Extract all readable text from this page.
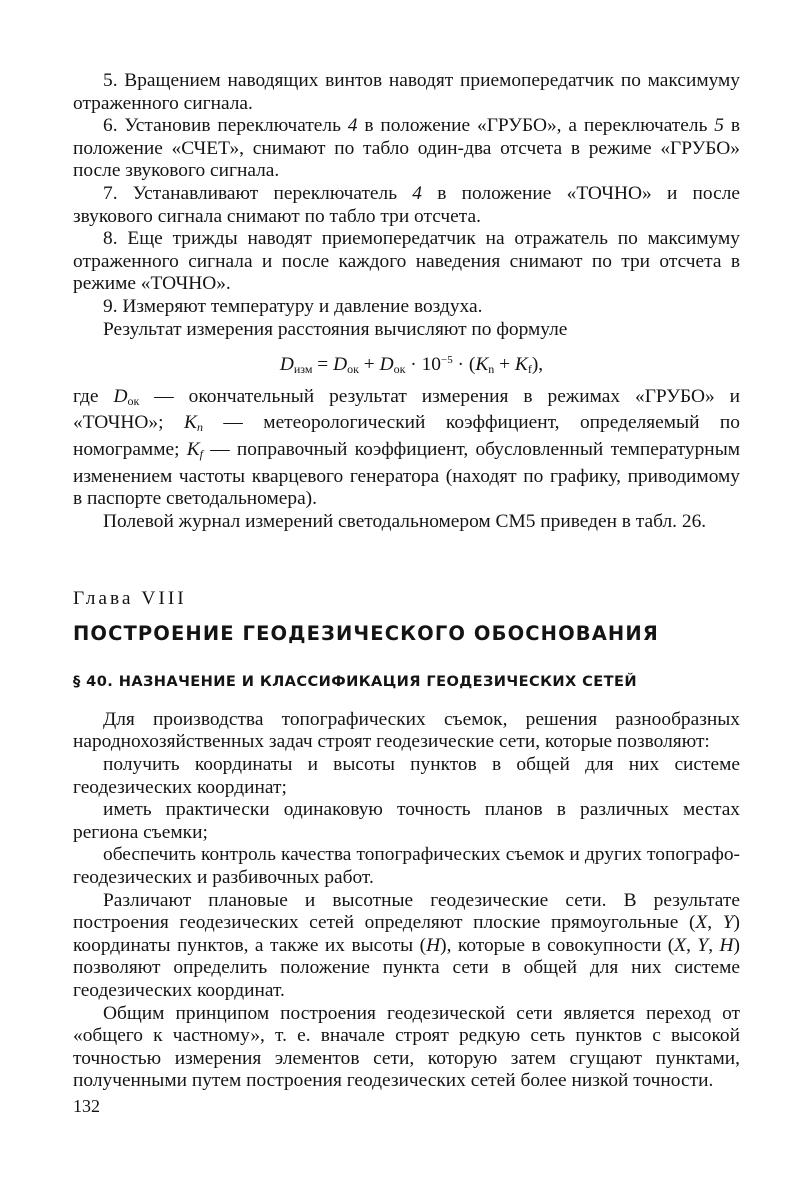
5. Вращением наводящих винтов наводят приемопередатчик по максимуму отраженного сигнала.

6. Установив переключатель 4 в положение «ГРУБО», а переключатель 5 в положение «СЧЕТ», снимают по табло один-два отсчета в режиме «ГРУБО» после звукового сигнала.

7. Устанавливают переключатель 4 в положение «ТОЧНО» и после звукового сигнала снимают по табло три отсчета.

8. Еще трижды наводят приемопередатчик на отражатель по максимуму отраженного сигнала и после каждого наведения снимают по три отсчета в режиме «ТОЧНО».

9. Измеряют температуру и давление воздуха.

Результат измерения расстояния вычисляют по формуле

$D_{изм} = D_{ок} + D_{ок} \cdot 10^{-5} \cdot (K_n + K_f)$,

где $D_{ок}$ — окончательный результат измерения в режимах «ГРУБО» и «ТОЧНО»; $K_n$ — метеорологический коэффициент, определяемый по номограмме; $K_f$ — поправочный коэффициент, обусловленный температурным изменением частоты кварцевого генератора (находят по графику, приводимому в паспорте светодальномера).

Полевой журнал измерений светодальномером СМ5 приведен в табл. 26.

Глава VIII

ПОСТРОЕНИЕ ГЕОДЕЗИЧЕСКОГО ОБОСНОВАНИЯ

§ 40. НАЗНАЧЕНИЕ И КЛАССИФИКАЦИЯ ГЕОДЕЗИЧЕСКИХ СЕТЕЙ

Для производства топографических съемок, решения разнообразных народнохозяйственных задач строят геодезические сети, которые позволяют:

получить координаты и высоты пунктов в общей для них системе геодезических координат;

иметь практически одинаковую точность планов в различных местах региона съемки;

обеспечить контроль качества топографических съемок и других топографо-геодезических и разбивочных работ.

Различают плановые и высотные геодезические сети. В результате построения геодезических сетей определяют плоские прямоугольные (X, Y) координаты пунктов, а также их высоты (H), которые в совокупности (X, Y, H) позволяют определить положение пункта сети в общей для них системе геодезических координат.

Общим принципом построения геодезической сети является переход от «общего к частному», т. е. вначале строят редкую сеть пунктов с высокой точностью измерения элементов сети, которую затем сгущают пунктами, полученными путем построения геодезических сетей более низкой точности.

132
